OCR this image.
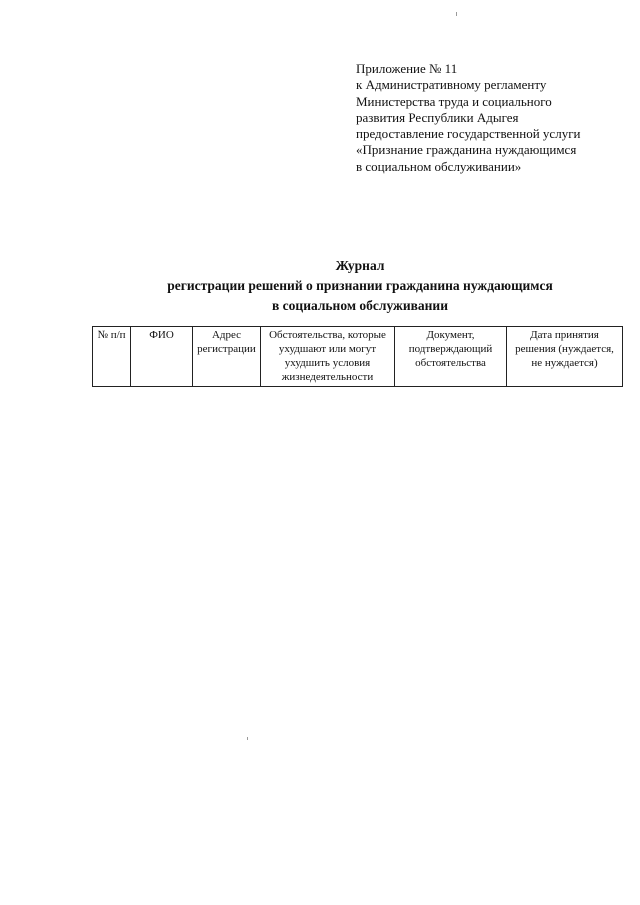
Приложение № 11
к Административному регламенту
Министерства труда и социального
развития Республики Адыгея
предоставление государственной услуги
«Признание гражданина нуждающимся
в социальном обслуживании»
Журнал
регистрации решений о признании гражданина нуждающимся
в социальном обслуживании
№ п/п	ФИО	Адрес регистрации	Обстоятельства, которые ухудшают или могут ухудшить условия жизнедеятельности	Документ, подтверждающий обстоятельства	Дата принятия решения (нуждается, не нуждается)
